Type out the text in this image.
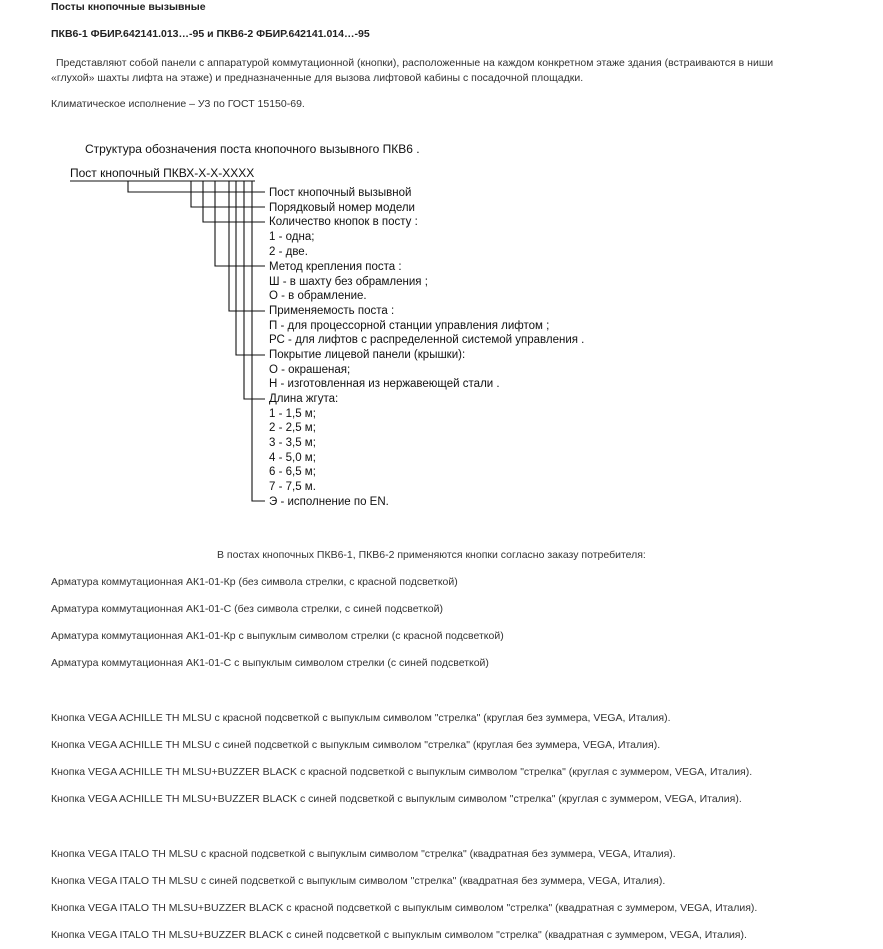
Посты кнопочные вызывные
ПКВ6-1 ФБИР.642141.013…-95 и ПКВ6-2 ФБИР.642141.014…-95
Представляют собой панели с аппаратурой коммутационной (кнопки), расположенные на каждом конкретном этаже здания (встраиваются в ниши «глухой» шахты лифта на этаже) и предназначенные для вызова лифтовой кабины с посадочной площадки.
Климатическое исполнение – У3 по ГОСТ 15150-69.
Структура обозначения поста кнопочного вызывного ПКВ6 .
Пост кнопочный ПКВХ-Х-Х-ХХХХ
Пост кнопочный вызывной
Порядковый номер модели
Количество кнопок в посту :
1 - одна;
2 - две.
Метод крепления поста :
Ш - в шахту без обрамления ;
О - в обрамление.
Применяемость поста :
П - для процессорной станции управления лифтом ;
РС - для лифтов с распределенной системой управления .
Покрытие лицевой панели (крышки):
О - окрашеная;
Н - изготовленная из нержавеющей стали .
Длина жгута:
1 - 1,5 м;
2 - 2,5 м;
3 - 3,5 м;
4 - 5,0 м;
6 - 6,5 м;
7 - 7,5 м.
Э - исполнение по EN.
В постах кнопочных ПКВ6-1, ПКВ6-2 применяются кнопки согласно заказу потребителя:
Арматура коммутационная АК1-01-Кр (без символа стрелки, с красной подсветкой)
Арматура коммутационная АК1-01-С (без символа стрелки, с синей подсветкой)
Арматура коммутационная АК1-01-Кр с выпуклым символом стрелки (с красной подсветкой)
Арматура коммутационная АК1-01-С с выпуклым символом стрелки (с синей подсветкой)
Кнопка VEGA ACHILLE TH MLSU с красной подсветкой с выпуклым символом "стрелка" (круглая без зуммера, VEGA, Италия).
Кнопка VEGA ACHILLE TH MLSU с синей подсветкой с выпуклым символом "стрелка" (круглая без зуммера, VEGA, Италия).
Кнопка VEGA ACHILLE TH MLSU+BUZZER BLACK с красной подсветкой с выпуклым символом "стрелка" (круглая с зуммером, VEGA, Италия).
Кнопка VEGA ACHILLE TH MLSU+BUZZER BLACK с синей подсветкой с выпуклым символом "стрелка" (круглая с зуммером, VEGA, Италия).
Кнопка VEGA ITALO TH MLSU с красной подсветкой с выпуклым символом "стрелка" (квадратная без зуммера, VEGA, Италия).
Кнопка VEGA ITALO TH MLSU с синей подсветкой с выпуклым символом "стрелка" (квадратная без зуммера, VEGA, Италия).
Кнопка VEGA ITALO TH MLSU+BUZZER BLACK с красной подсветкой с выпуклым символом "стрелка" (квадратная с зуммером, VEGA, Италия).
Кнопка VEGA ITALO TH MLSU+BUZZER BLACK с синей подсветкой с выпуклым символом "стрелка" (квадратная с зуммером, VEGA, Италия).
